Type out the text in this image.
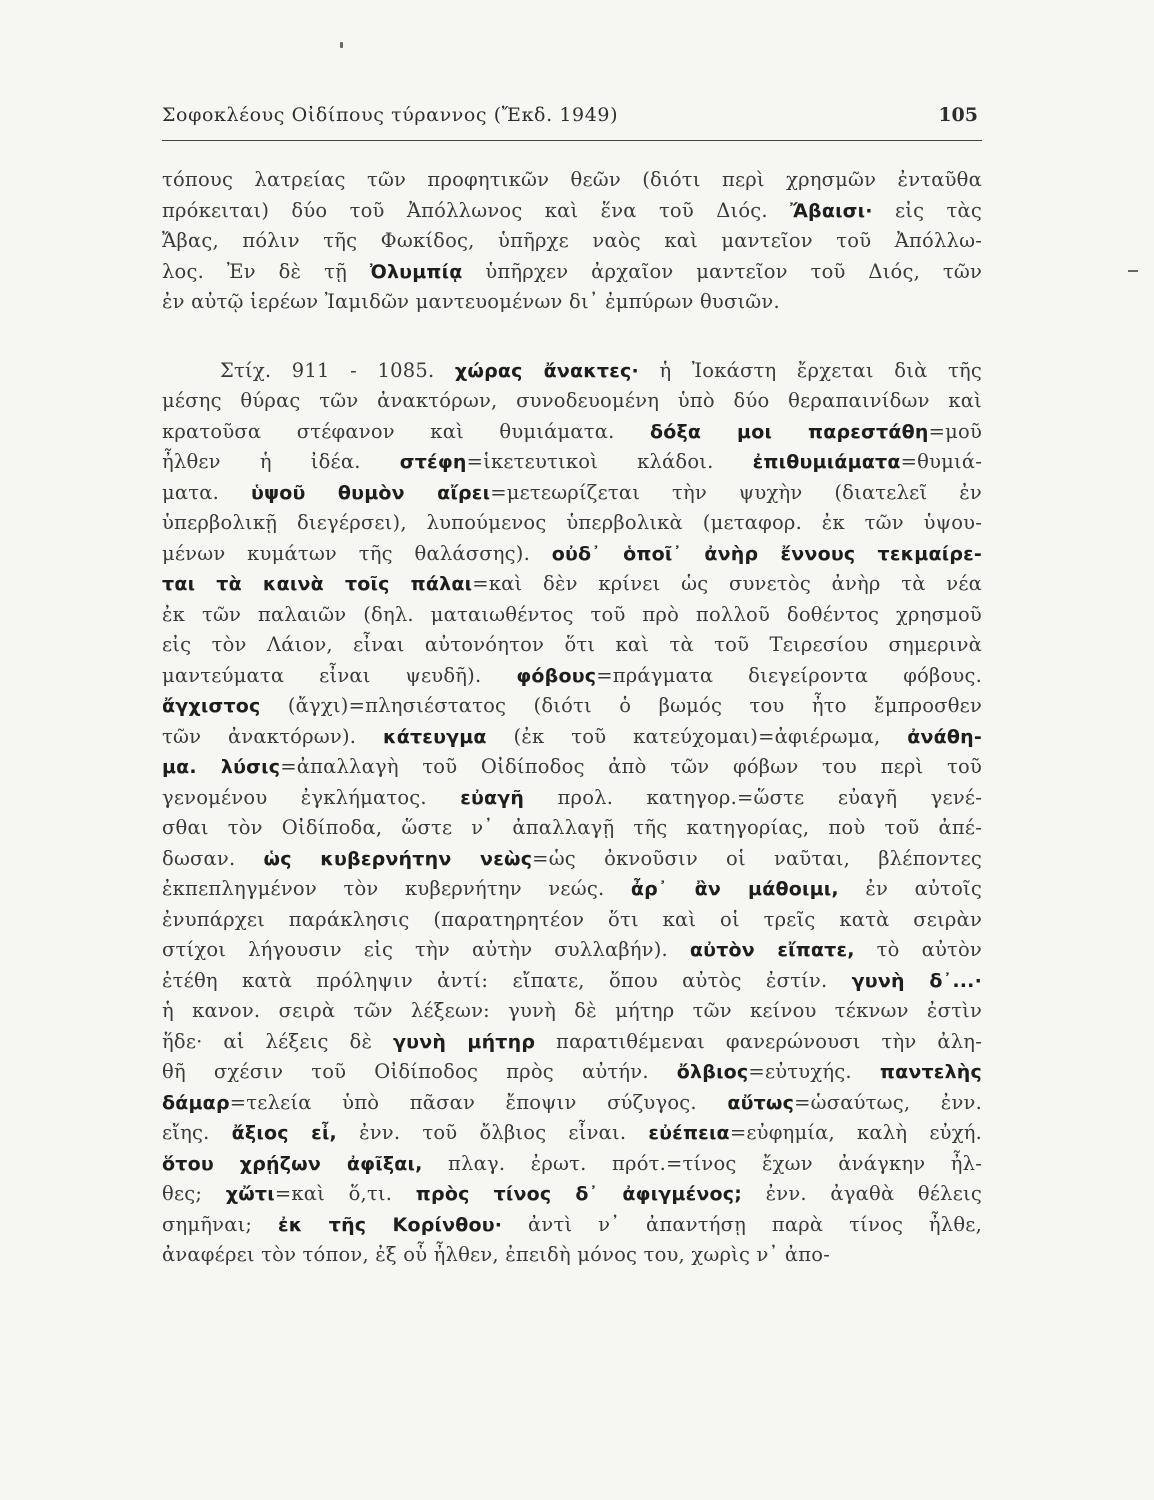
Σοφοκλέους Οἰδίπους τύραννος (Ἔκδ. 1949)	105
τόπους λατρείας τῶν προφητικῶν θεῶν (διότι περὶ χρησμῶν ἐνταῦθα
πρόκειται) δύο τοῦ Ἀπόλλωνος καὶ ἕνα τοῦ Διός. Ἄβαισι· εἰς τὰς
Ἄβας, πόλιν τῆς Φωκίδος, ὑπῆρχε ναὸς καὶ μαντεῖον τοῦ Ἀπόλλω-
λος. Ἐν δὲ τῇ Ὀλυμπίᾳ ὑπῆρχεν ἀρχαῖον μαντεῖον τοῦ Διός, τῶν
ἐν αὐτῷ ἱερέων Ἰαμιδῶν μαντευομένων δι᾽ ἐμπύρων θυσιῶν.
Στίχ. 911 - 1085. χώρας ἄνακτες· ἡ Ἰοκάστη ἔρχεται διὰ τῆς
μέσης θύρας τῶν ἀνακτόρων, συνοδευομένη ὑπὸ δύο θεραπαινίδων καὶ
κρατοῦσα στέφανον καὶ θυμιάματα. δόξα μοι παρεστάθη=μοῦ
ἦλθεν ἡ ἰδέα. στέφη=ἱκετευτικοὶ κλάδοι. ἐπιθυμιάματα=θυμιά-
ματα. ὑψοῦ θυμὸν αἴρει=μετεωρίζεται τὴν ψυχὴν (διατελεῖ ἐν
ὑπερβολικῇ διεγέρσει), λυπούμενος ὑπερβολικὰ (μεταφορ. ἐκ τῶν ὑψου-
μένων κυμάτων τῆς θαλάσσης). οὐδ᾽ ὁποῖ᾽ ἀνὴρ ἔννους τεκμαίρε-
ται τὰ καινὰ τοῖς πάλαι=καὶ δὲν κρίνει ὡς συνετὸς ἀνὴρ τὰ νέα
ἐκ τῶν παλαιῶν (δηλ. ματαιωθέντος τοῦ πρὸ πολλοῦ δοθέντος χρησμοῦ
εἰς τὸν Λάιον, εἶναι αὐτονόητον ὅτι καὶ τὰ τοῦ Τειρεσίου σημερινὰ
μαντεύματα εἶναι ψευδῆ). φόβους=πράγματα διεγείροντα φόβους.
ἄγχιστος (ἄγχι)=πλησιέστατος (διότι ὁ βωμός του ἦτο ἔμπροσθεν
τῶν ἀνακτόρων). κάτευγμα (ἐκ τοῦ κατεύχομαι)=ἀφιέρωμα, ἀνάθη-
μα. λύσις=ἀπαλλαγὴ τοῦ Οἰδίποδος ἀπὸ τῶν φόβων του περὶ τοῦ
γενομένου ἐγκλήματος. εὐαγῆ προλ. κατηγορ.=ὥστε εὐαγῆ γενέ-
σθαι τὸν Οἰδίποδα, ὥστε ν᾽ ἀπαλλαγῇ τῆς κατηγορίας, ποὺ τοῦ ἀπέ-
δωσαν. ὡς κυβερνήτην νεὼς=ὡς ὀκνοῦσιν οἱ ναῦται, βλέποντες
ἐκπεπληγμένον τὸν κυβερνήτην νεώς. ἆρ᾽ ἂν μάθοιμι, ἐν αὐτοῖς
ἐνυπάρχει παράκλησις (παρατηρητέον ὅτι καὶ οἱ τρεῖς κατὰ σειρὰν
στίχοι λήγουσιν εἰς τὴν αὐτὴν συλλαβήν). αὐτὸν εἴπατε, τὸ αὐτὸν
ἐτέθη κατὰ πρόληψιν ἀντί: εἴπατε, ὅπου αὐτὸς ἐστίν. γυνὴ δ᾽...·
ἡ κανον. σειρὰ τῶν λέξεων: γυνὴ δὲ μήτηρ τῶν κείνου τέκνων ἐστὶν
ἥδε· αἱ λέξεις δὲ γυνὴ μήτηρ παρατιθέμεναι φανερώνουσι τὴν ἀλη-
θῆ σχέσιν τοῦ Οἰδίποδος πρὸς αὐτήν. ὄλβιος=εὐτυχής. παντελὴς
δάμαρ=τελεία ὑπὸ πᾶσαν ἔποψιν σύζυγος. αὔτως=ὡσαύτως, ἐνν.
εἴης. ἄξιος εἶ, ἐνν. τοῦ ὄλβιος εἶναι. εὐέπεια=εὐφημία, καλὴ εὐχή.
ὅτου χρῄζων ἀφῖξαι, πλαγ. ἐρωτ. πρότ.=τίνος ἔχων ἀνάγκην ἦλ-
θες; χὤτι=καὶ ὅ,τι. πρὸς τίνος δ᾽ ἀφιγμένος; ἐνν. ἀγαθὰ θέλεις
σημῆναι; ἐκ τῆς Κορίνθου· ἀντὶ ν᾽ ἀπαντήσῃ παρὰ τίνος ἦλθε,
ἀναφέρει τὸν τόπον, ἐξ οὗ ἦλθεν, ἐπειδὴ μόνος του, χωρὶς ν᾽ ἀπο-
